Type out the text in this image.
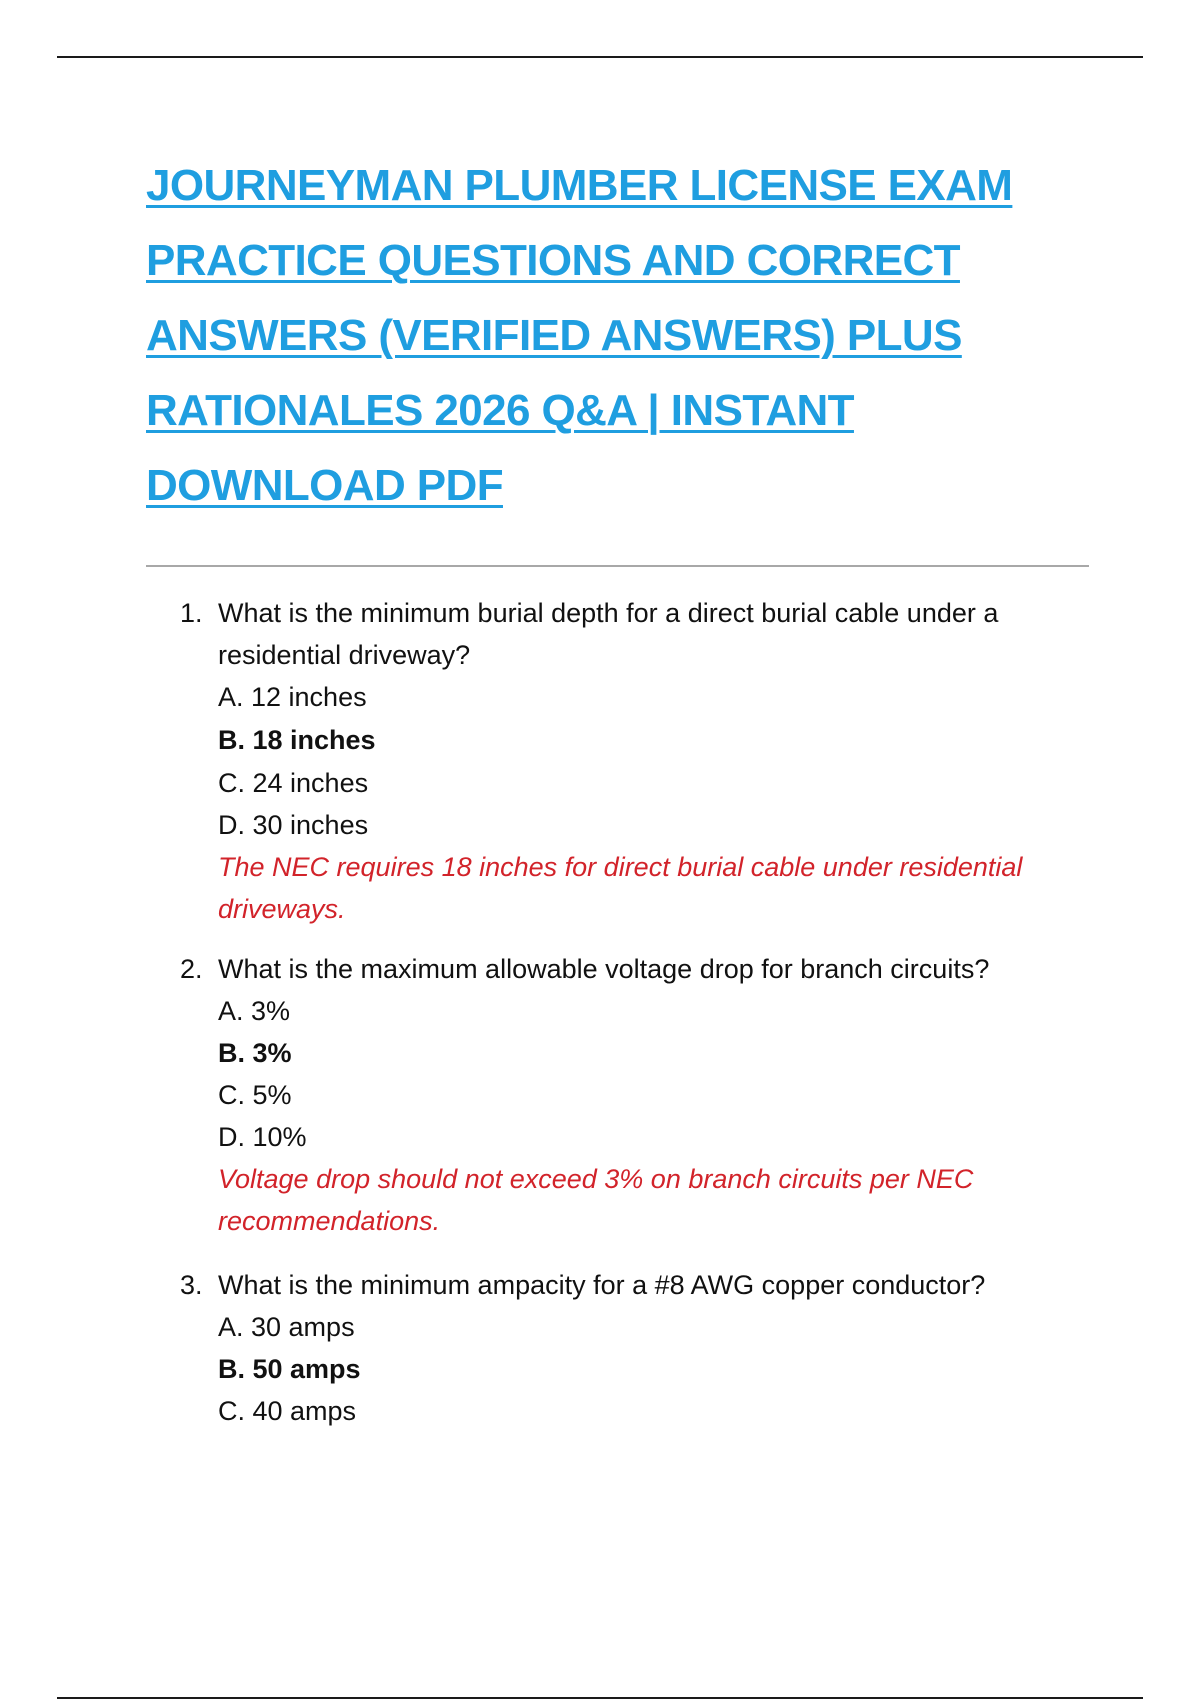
JOURNEYMAN PLUMBER LICENSE EXAM
PRACTICE QUESTIONS AND CORRECT
ANSWERS (VERIFIED ANSWERS) PLUS
RATIONALES 2026 Q&A | INSTANT
DOWNLOAD PDF
1. What is the minimum burial depth for a direct burial cable under a residential driveway?
A. 12 inches
B. 18 inches
C. 24 inches
D. 30 inches
The NEC requires 18 inches for direct burial cable under residential driveways.
2. What is the maximum allowable voltage drop for branch circuits?
A. 3%
B. 3%
C. 5%
D. 10%
Voltage drop should not exceed 3% on branch circuits per NEC recommendations.
3. What is the minimum ampacity for a #8 AWG copper conductor?
A. 30 amps
B. 50 amps
C. 40 amps
